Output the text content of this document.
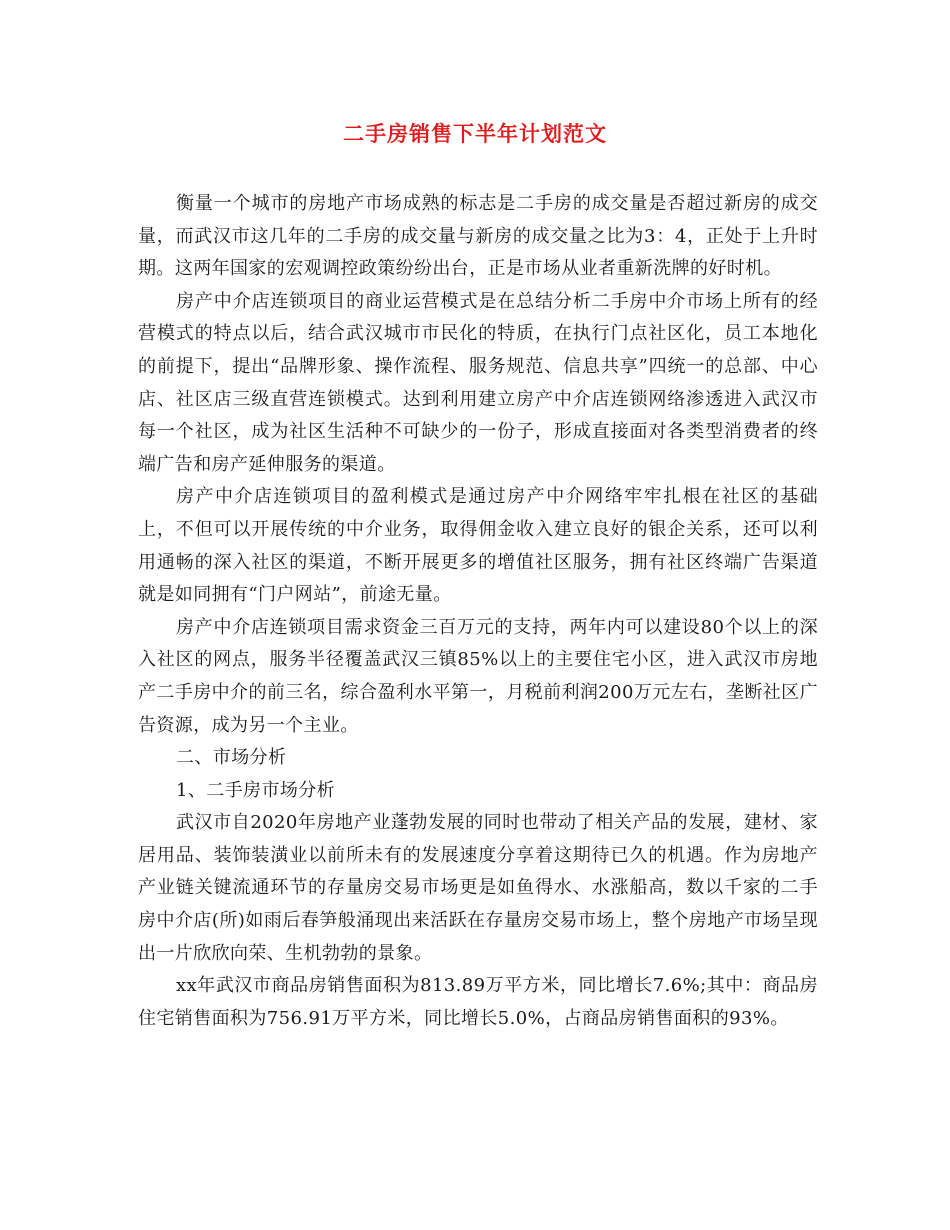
二手房销售下半年计划范文

衡量一个城市的房地产市场成熟的标志是二手房的成交量是否超过新房的成交量，而武汉市这几年的二手房的成交量与新房的成交量之比为3：4，正处于上升时期。这两年国家的宏观调控政策纷纷出台，正是市场从业者重新洗牌的好时机。

房产中介店连锁项目的商业运营模式是在总结分析二手房中介市场上所有的经营模式的特点以后，结合武汉城市市民化的特质，在执行门点社区化，员工本地化的前提下，提出“品牌形象、操作流程、服务规范、信息共享”四统一的总部、中心店、社区店三级直营连锁模式。达到利用建立房产中介店连锁网络渗透进入武汉市每一个社区，成为社区生活种不可缺少的一份子，形成直接面对各类型消费者的终端广告和房产延伸服务的渠道。

房产中介店连锁项目的盈利模式是通过房产中介网络牢牢扎根在社区的基础上，不但可以开展传统的中介业务，取得佣金收入建立良好的银企关系，还可以利用通畅的深入社区的渠道，不断开展更多的增值社区服务，拥有社区终端广告渠道就是如同拥有“门户网站”，前途无量。

房产中介店连锁项目需求资金三百万元的支持，两年内可以建设80个以上的深入社区的网点，服务半径覆盖武汉三镇85%以上的主要住宅小区，进入武汉市房地产二手房中介的前三名，综合盈利水平第一，月税前利润200万元左右，垄断社区广告资源，成为另一个主业。

二、市场分析

1、二手房市场分析

武汉市自2020年房地产业蓬勃发展的同时也带动了相关产品的发展，建材、家居用品、装饰装潢业以前所未有的发展速度分享着这期待已久的机遇。作为房地产产业链关键流通环节的存量房交易市场更是如鱼得水、水涨船高，数以千家的二手房中介店(所)如雨后春笋般涌现出来活跃在存量房交易市场上，整个房地产市场呈现出一片欣欣向荣、生机勃勃的景象。

xx年武汉市商品房销售面积为813.89万平方米，同比增长7.6%;其中：商品房住宅销售面积为756.91万平方米，同比增长5.0%，占商品房销售面积的93%。
